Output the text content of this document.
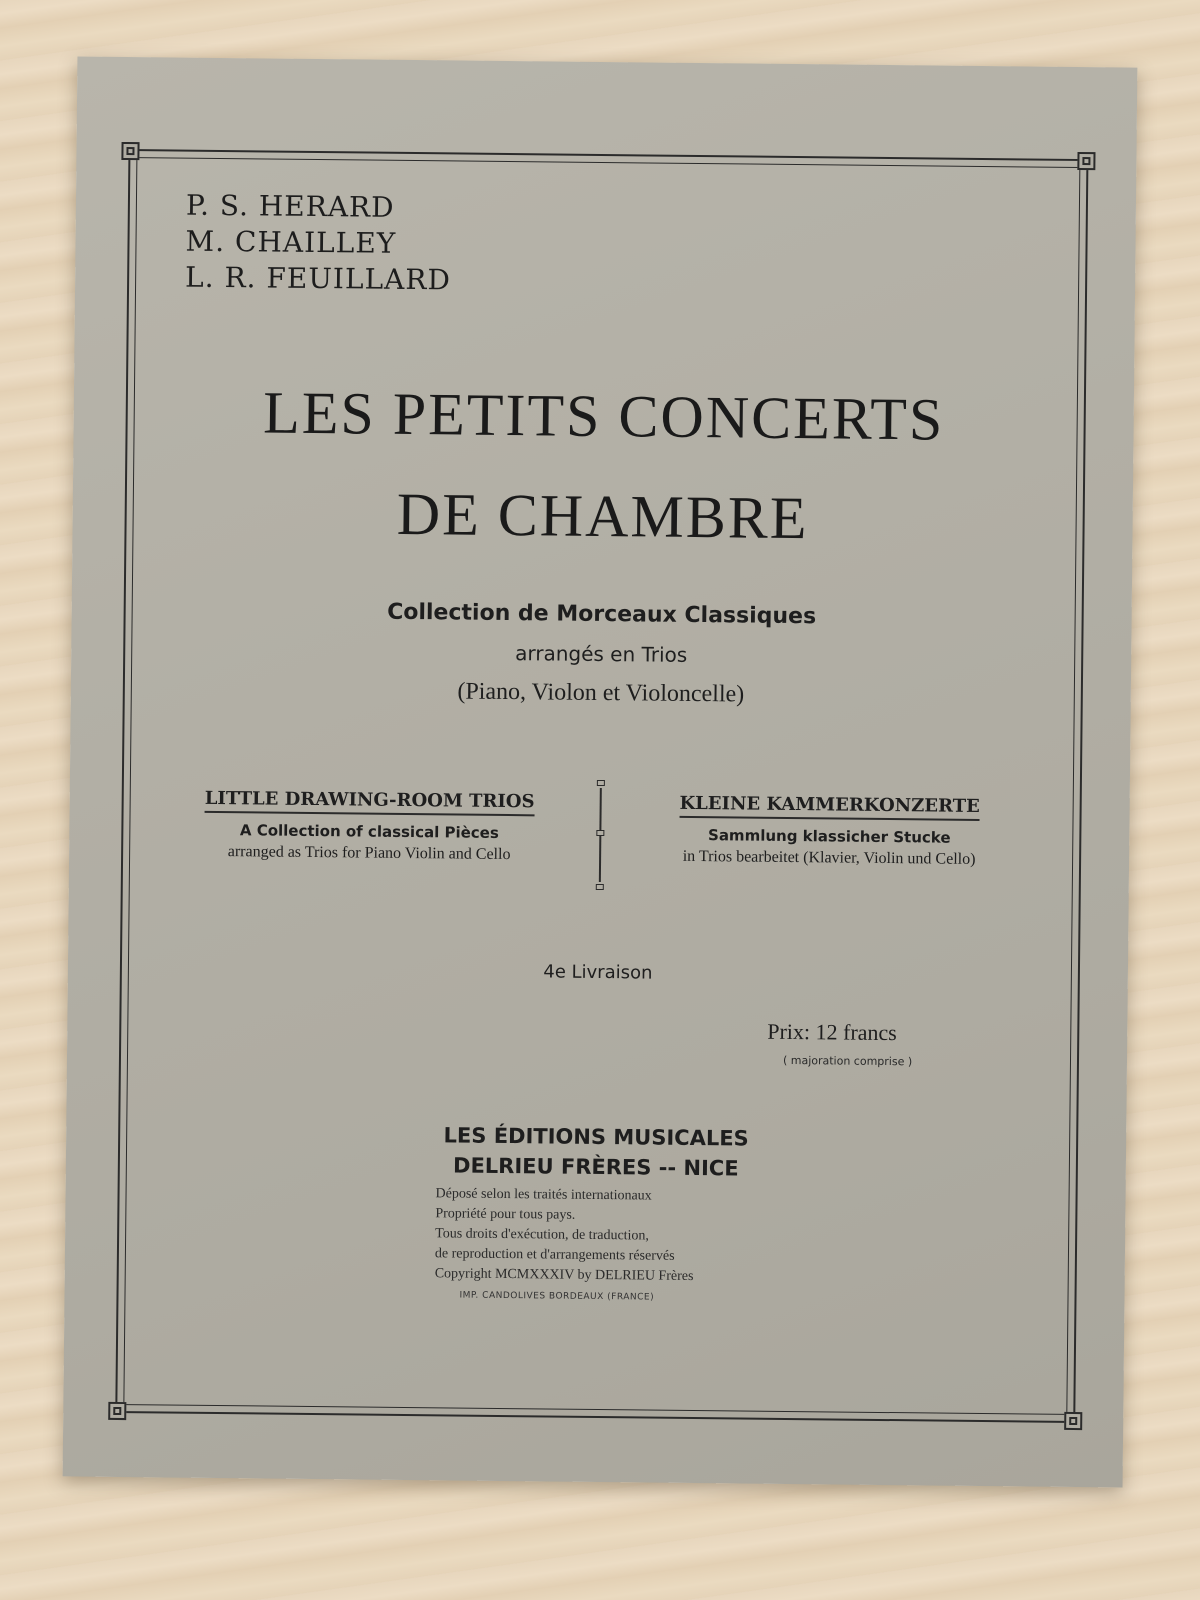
P. S. HERARD
M. CHAILLEY
L. R. FEUILLARD
LES PETITS CONCERTS
DE CHAMBRE
Collection de Morceaux Classiques
arrangés en Trios
(Piano, Violon et Violoncelle)
LITTLE DRAWING-ROOM TRIOS
A Collection of classical Pièces
arranged as Trios for Piano Violin and Cello
KLEINE KAMMERKONZERTE
Sammlung klassicher Stucke
in Trios bearbeitet (Klavier, Violin und Cello)
4e Livraison
Prix: 12 francs
( majoration comprise )
LES ÉDITIONS MUSICALES
DELRIEU FRÈRES -- NICE
Déposé selon les traités internationaux
Propriété pour tous pays.
Tous droits d'exécution, de traduction,
de reproduction et d'arrangements réservés
Copyright MCMXXXIV by DELRIEU Frères
IMP. CANDOLIVES BORDEAUX (FRANCE)
